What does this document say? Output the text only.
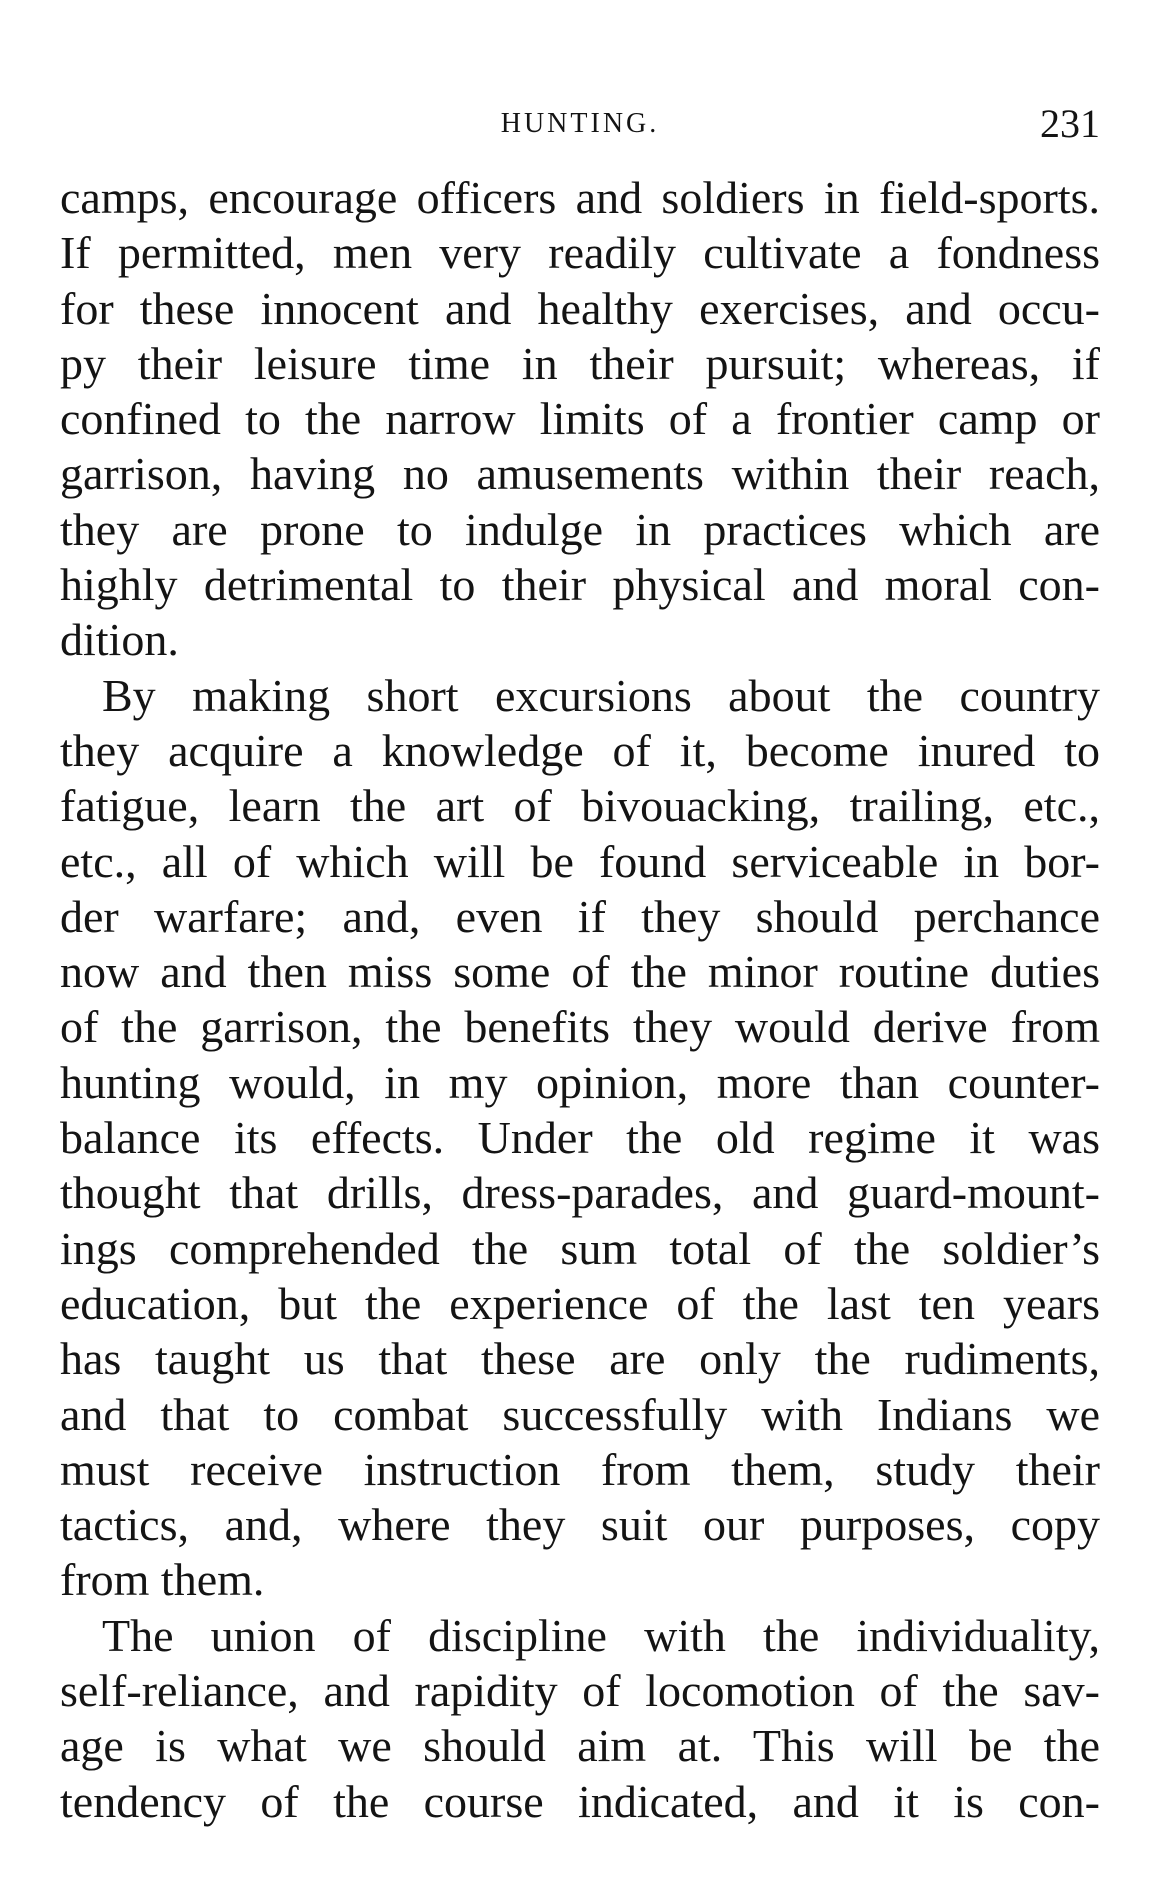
HUNTING.	231
camps, encourage officers and soldiers in field-sports.
If permitted, men very readily cultivate a fondness
for these innocent and healthy exercises, and occu-
py their leisure time in their pursuit; whereas, if
confined to the narrow limits of a frontier camp or
garrison, having no amusements within their reach,
they are prone to indulge in practices which are
highly detrimental to their physical and moral con-
dition.
By making short excursions about the country
they acquire a knowledge of it, become inured to
fatigue, learn the art of bivouacking, trailing, etc.,
etc., all of which will be found serviceable in bor-
der warfare; and, even if they should perchance
now and then miss some of the minor routine duties
of the garrison, the benefits they would derive from
hunting would, in my opinion, more than counter-
balance its effects. Under the old regime it was
thought that drills, dress-parades, and guard-mount-
ings comprehended the sum total of the soldier’s
education, but the experience of the last ten years
has taught us that these are only the rudiments,
and that to combat successfully with Indians we
must receive instruction from them, study their
tactics, and, where they suit our purposes, copy
from them.
The union of discipline with the individuality,
self-reliance, and rapidity of locomotion of the sav-
age is what we should aim at. This will be the
tendency of the course indicated, and it is con-
